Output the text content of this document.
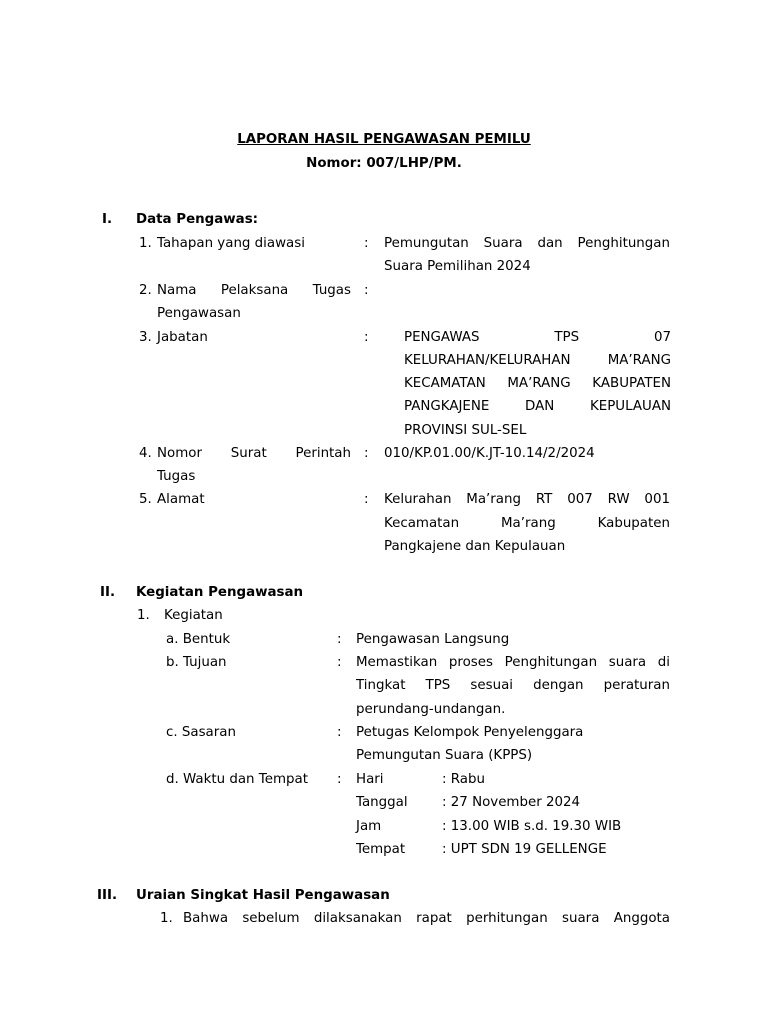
LAPORAN HASIL PENGAWASAN PEMILU
Nomor: 007/LHP/PM.
I. Data Pengawas:
1. Tahapan yang diawasi	: Pemungutan Suara dan Penghitungan
Suara Pemilihan 2024
2. Nama Pelaksana Tugas
Pengawasan
:
3. Jabatan	:	PENGAWAS TPS 07
KELURAHAN/KELURAHAN MA’RANG
KECAMATAN MA’RANG KABUPATEN
PANGKAJENE DAN KEPULAUAN
PROVINSI SUL-SEL
4. Nomor Surat Perintah
Tugas
: 010/KP.01.00/K.JT-10.14/2/2024
5. Alamat	: Kelurahan Ma’rang RT 007 RW 001
Kecamatan Ma’rang Kabupaten
Pangkajene dan Kepulauan
II. Kegiatan Pengawasan
1. Kegiatan
a. Bentuk	: Pengawasan Langsung
b. Tujuan	: Memastikan proses Penghitungan suara di
Tingkat TPS sesuai dengan peraturan
perundang-undangan.
c. Sasaran	: Petugas Kelompok Penyelenggara
Pemungutan Suara (KPPS)
d. Waktu dan Tempat : Hari	: Rabu
Tanggal	: 27 November 2024
Jam	: 13.00 WIB s.d. 19.30 WIB
Tempat	: UPT SDN 19 GELLENGE
III. Uraian Singkat Hasil Pengawasan
1. Bahwa sebelum dilaksanakan rapat perhitungan suara Anggota
